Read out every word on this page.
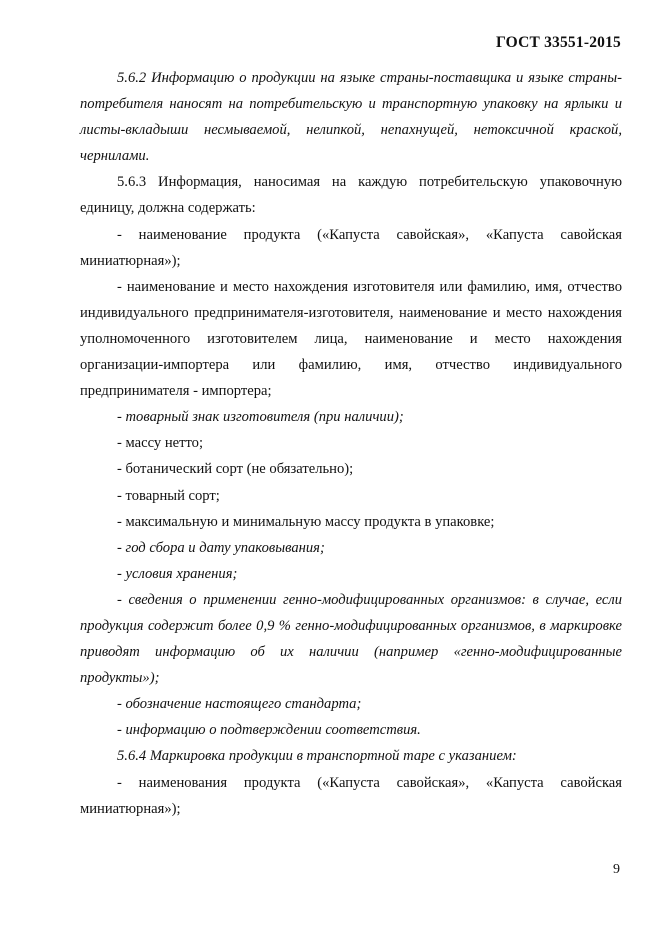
ГОСТ 33551-2015

5.6.2 Информацию о продукции на языке страны-поставщика и языке страны-потребителя наносят на потребительскую и транспортную упаковку на ярлыки и листы-вкладыши несмываемой, нелипкой, непахнущей, нетоксичной краской, чернилами.

5.6.3 Информация, наносимая на каждую потребительскую упаковочную единицу, должна содержать:

- наименование продукта («Капуста савойская», «Капуста савойская миниатюрная»);

- наименование и место нахождения изготовителя или фамилию, имя, отчество индивидуального предпринимателя-изготовителя, наименование и место нахождения уполномоченного изготовителем лица, наименование и место нахождения организации-импортера или фамилию, имя, отчество индивидуального предпринимателя - импортера;

- товарный знак изготовителя (при наличии);

- массу нетто;

- ботанический сорт (не обязательно);

- товарный сорт;

- максимальную и минимальную массу продукта в упаковке;

- год сбора и дату упаковывания;

- условия хранения;

- сведения о применении генно-модифицированных организмов: в случае, если продукция содержит более 0,9 % генно-модифицированных организмов, в маркировке приводят информацию об их наличии (например «генно-модифицированные продукты»);

- обозначение настоящего стандарта;

- информацию о подтверждении соответствия.

5.6.4 Маркировка продукции в транспортной таре с указанием:

- наименования продукта («Капуста савойская», «Капуста савойская миниатюрная»);

9
